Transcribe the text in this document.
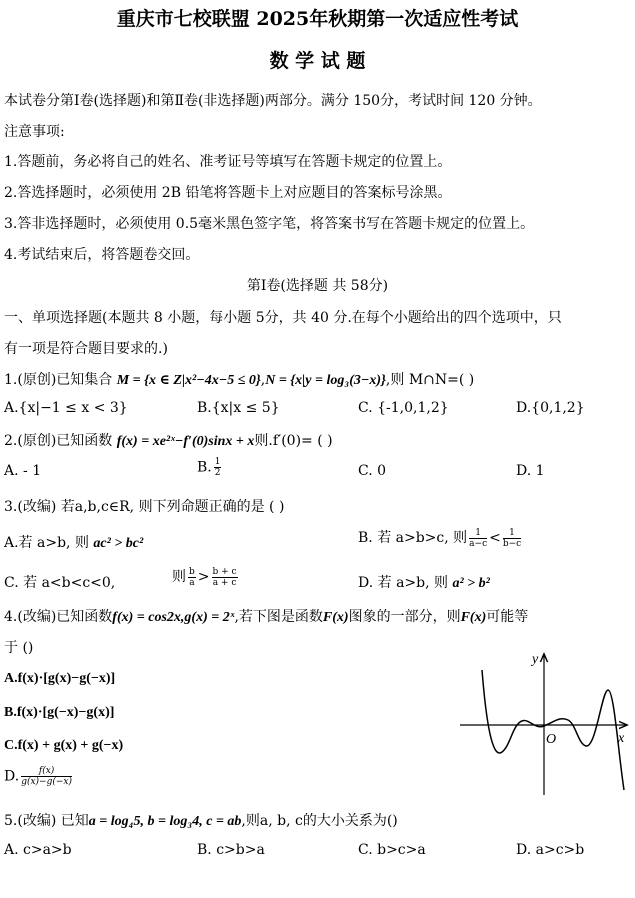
重庆市七校联盟 2025年秋期第一次适应性考试
数 学 试 题
本试卷分第Ⅰ卷(选择题)和第Ⅱ卷(非选择题)两部分。满分 150分，考试时间 120 分钟。
注意事项:
1.答题前，务必将自己的姓名、准考证号等填写在答题卡规定的位置上。
2.答选择题时，必须使用 2B 铅笔将答题卡上对应题目的答案标号涂黑。
3.答非选择题时，必须使用 0.5毫米黑色签字笔，将答案书写在答题卡规定的位置上。
4.考试结束后，将答题卷交回。
第Ⅰ卷(选择题 共 58分)
一、单项选择题(本题共 8 小题，每小题 5分，共 40 分.在每个小题给出的四个选项中，只
有一项是符合题目要求的.)
1.(原创)已知集合 M = {x ∈ Z|x²−4x−5 ≤ 0},N = {x|y = log₃(3−x)},则 M∩N=( )
A.{x|−1 ≤ x < 3}	B.{x|x ≤ 5}	C. {-1,0,1,2}	D.{0,1,2}
2.(原创)已知函数 f(x) = xe²ˣ−f′(0)sinx + x则.f′(0)= ( )
A. - 1	B. $\frac{1}{2}$	C. 0	D. 1
3.(改编) 若a,b,c∈R, 则下列命题正确的是 ( )
A.若 a>b, 则 ac² > bc²	B. 若 a>b>c, 则 $\frac{1}{a-c} < \frac{1}{b-c}$
C. 若 a<b<c<0,	则 $\frac{b}{a} > \frac{b + c}{a + c}$	D. 若 a>b, 则 a² > b²
4.(改编)已知函数f(x) = cos2x,g(x) = 2ˣ,若下图是函数F(x)图象的一部分，则F(x)可能等
于 ()
A.f(x)·[g(x)−g(−x)]
B.f(x)·[g(−x)−g(x)]
C.f(x) + g(x) + g(−x)
D. $\frac{f(x)}{g(x)-g(-x)}$
y
x
O
5.(改编) 已知a = log₄5, b = log₃4, c = ab,则a, b, c的大小关系为()
A. c>a>b	B. c>b>a	C. b>c>a	D. a>c>b
